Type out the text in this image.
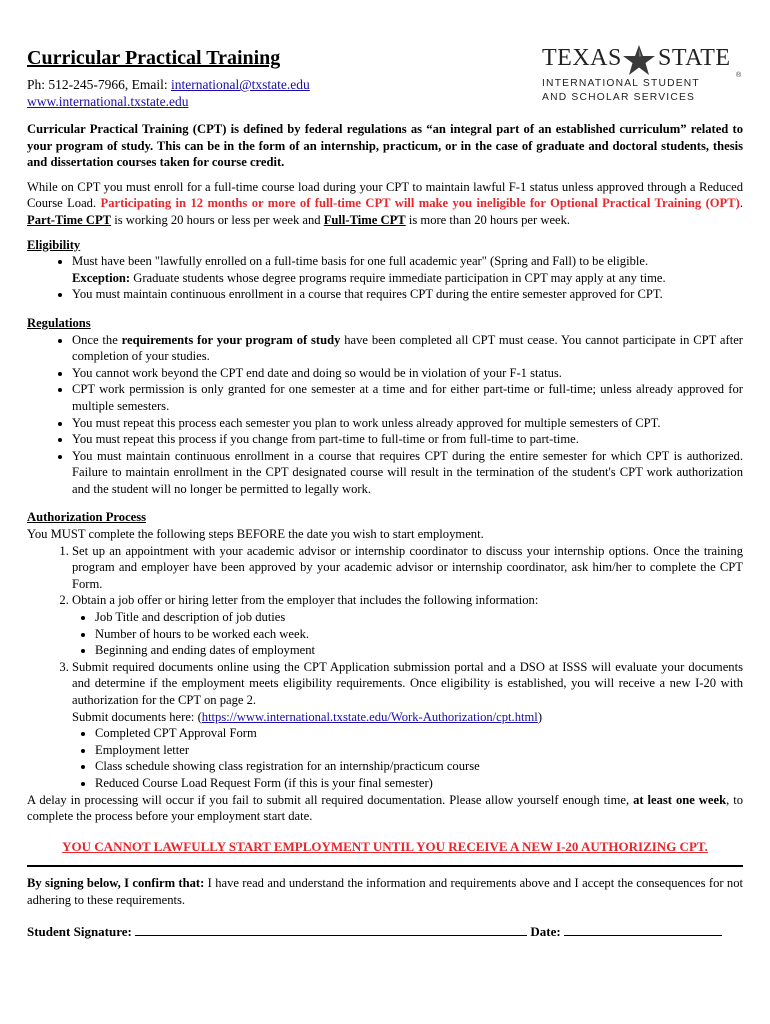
Curricular Practical Training
Ph: 512-245-7966, Email: international@txstate.edu
www.international.txstate.edu
TEXAS STATE
®
INTERNATIONAL STUDENT
AND SCHOLAR SERVICES

Curricular Practical Training (CPT) is defined by federal regulations as “an integral part of an established curriculum” related to your program of study. This can be in the form of an internship, practicum, or in the case of graduate and doctoral students, thesis and dissertation courses taken for course credit.

While on CPT you must enroll for a full-time course load during your CPT to maintain lawful F-1 status unless approved through a Reduced Course Load. Participating in 12 months or more of full-time CPT will make you ineligible for Optional Practical Training (OPT). Part-Time CPT is working 20 hours or less per week and Full-Time CPT is more than 20 hours per week.

Eligibility
• Must have been "lawfully enrolled on a full-time basis for one full academic year" (Spring and Fall) to be eligible.
Exception: Graduate students whose degree programs require immediate participation in CPT may apply at any time.
• You must maintain continuous enrollment in a course that requires CPT during the entire semester approved for CPT.
Regulations
• Once the requirements for your program of study have been completed all CPT must cease. You cannot participate in CPT after completion of your studies.
• You cannot work beyond the CPT end date and doing so would be in violation of your F-1 status.
• CPT work permission is only granted for one semester at a time and for either part-time or full-time; unless already approved for multiple semesters.
• You must repeat this process each semester you plan to work unless already approved for multiple semesters of CPT.
• You must repeat this process if you change from part-time to full-time or from full-time to part-time.
• You must maintain continuous enrollment in a course that requires CPT during the entire semester for which CPT is authorized. Failure to maintain enrollment in the CPT designated course will result in the termination of the student's CPT work authorization and the student will no longer be permitted to legally work.
Authorization Process
You MUST complete the following steps BEFORE the date you wish to start employment.
1. Set up an appointment with your academic advisor or internship coordinator to discuss your internship options. Once the training program and employer have been approved by your academic advisor or internship coordinator, ask him/her to complete the CPT Form.
2. Obtain a job offer or hiring letter from the employer that includes the following information:
• Job Title and description of job duties
• Number of hours to be worked each week.
• Beginning and ending dates of employment
3. Submit required documents online using the CPT Application submission portal and a DSO at ISSS will evaluate your documents and determine if the employment meets eligibility requirements. Once eligibility is established, you will receive a new I-20 with authorization for the CPT on page 2.
Submit documents here: (https://www.international.txstate.edu/Work-Authorization/cpt.html)
• Completed CPT Approval Form
• Employment letter
• Class schedule showing class registration for an internship/practicum course
• Reduced Course Load Request Form (if this is your final semester)

A delay in processing will occur if you fail to submit all required documentation. Please allow yourself enough time, at least one week, to complete the process before your employment start date.

YOU CANNOT LAWFULLY START EMPLOYMENT UNTIL YOU RECEIVE A NEW I-20 AUTHORIZING CPT.

By signing below, I confirm that: I have read and understand the information and requirements above and I accept the consequences for not adhering to these requirements.

Student Signature:	Date:
